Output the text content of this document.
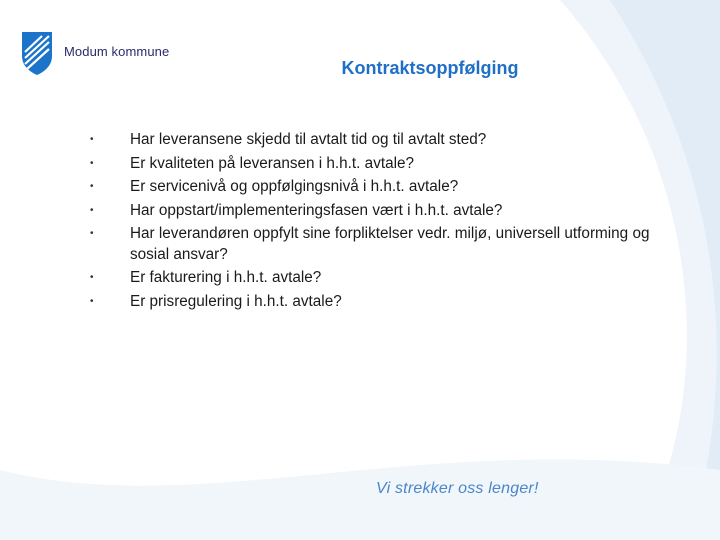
Modum kommune
Kontraktsoppfølging
•	Har leveransene skjedd til avtalt tid og til avtalt sted?
•	Er kvaliteten på leveransen i h.h.t. avtale?
•	Er servicenivå og oppfølgingsnivå i h.h.t. avtale?
•	Har oppstart/implementeringsfasen vært i h.h.t. avtale?
•	Har leverandøren oppfylt sine forpliktelser vedr. miljø, universell utforming og sosial ansvar?
•	Er fakturering i h.h.t. avtale?
•	Er prisregulering i h.h.t. avtale?
Vi strekker oss lenger!
